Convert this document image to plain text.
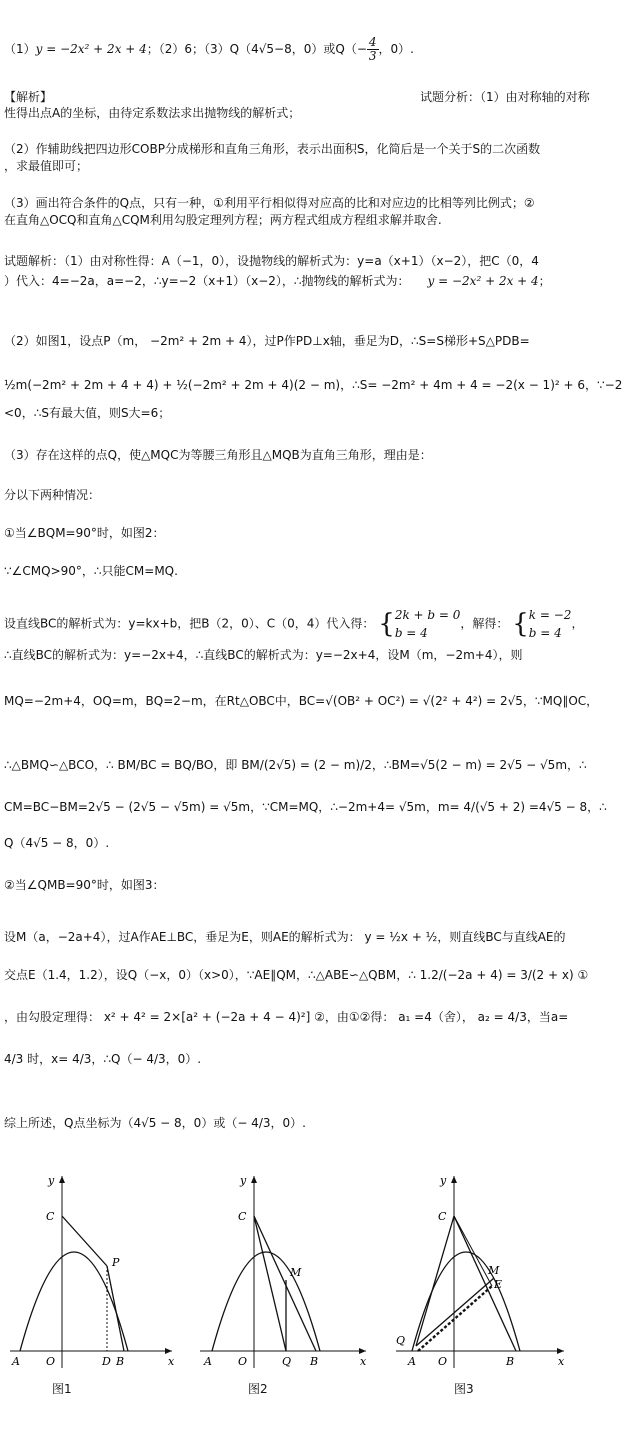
（1）y = −2x² + 2x + 4；（2）6；（3）Q（4√5−8，0）或$Q(- \frac{4}{3}$ ，0）.
【解析】	试题分析：（1）由对称轴的对称
性得出点A的坐标，由待定系数法求出抛物线的解析式；
（2）作辅助线把四边形COBP分成梯形和直角三角形，表示出面积S，化简后是一个关于S的二次函数
，求最值即可；
（3）画出符合条件的Q点，只有一种，①利用平行相似得对应高的比和对应边的比相等列比例式；②
在直角△OCQ和直角△CQM利用勾股定理列方程；两方程式组成方程组求解并取舍.
试题解析：（1）由对称性得：A（−1，0），设抛物线的解析式为：y=a（x+1）（x−2），把C（0，4
）代入：4=−2a，a=−2，∴y=−2（x+1）（x−2），∴抛物线的解析式为： y = −2x² + 2x + 4；
（2）如图1，设点P（m， −2m² + 2m + 4），过P作PD⊥x轴，垂足为D，∴S=S梯形+S△PDB=
½m(−2m² + 2m + 4 + 4) + ½(−2m² + 2m + 4)(2 − m)，∴S= −2m² + 4m + 4 = −2(x − 1)² + 6，∵−2
<0，∴S有最大值，则S大=6；
（3）存在这样的点Q，使△MQC为等腰三角形且△MQB为直角三角形，理由是：
分以下两种情况：
①当∠BQM=90°时，如图2：
∵∠CMQ>90°，∴只能CM=MQ.
设直线BC的解析式为：y=kx+b，把B（2，0）、C（0，4）代入得： { 2k + b = 0
b = 4
，解得： { k = −2
b = 4
，
∴直线BC的解析式为：y=−2x+4，∴直线BC的解析式为：y=−2x+4，设M（m，−2m+4），则
MQ=−2m+4，OQ=m，BQ=2−m，在Rt△OBC中，BC=√(OB² + OC²) = √(2² + 4²) = 2√5，∵MQ∥OC，
∴△BMQ∽△BCO，∴ BM/BC = BQ/BO，即 BM/(2√5) = (2 − m)/2，∴BM=√5(2 − m) = 2√5 − √5m，∴
CM=BC−BM=2√5 − (2√5 − √5m) = √5m，∵CM=MQ，∴−2m+4= √5m，m= 4/(√5 + 2) =4√5 − 8，∴
Q（4√5 − 8，0）.
②当∠QMB=90°时，如图3：
设M（a，−2a+4），过A作AE⊥BC，垂足为E，则AE的解析式为： y = ½x + ½，则直线BC与直线AE的
交点E（1.4，1.2），设Q（−x，0）（x>0），∵AE∥QM，∴△ABE∽△QBM，∴ 1.2/(−2a + 4) = 3/(2 + x) ①
，由勾股定理得： x² + 4² = 2×[a² + (−2a + 4 − 4)²] ②，由①②得： a₁ =4（舍）， a₂ = 4/3，当a=
4/3 时，x= 4/3，∴Q（− 4/3，0）.
综上所述，Q点坐标为（4√5 − 8，0）或（− 4/3，0）.
y
C
P
A O	D B	x
图1
y
C
M
A O	Q B	x
图2
y
C
M
E
Q
A O	B	x
图3
